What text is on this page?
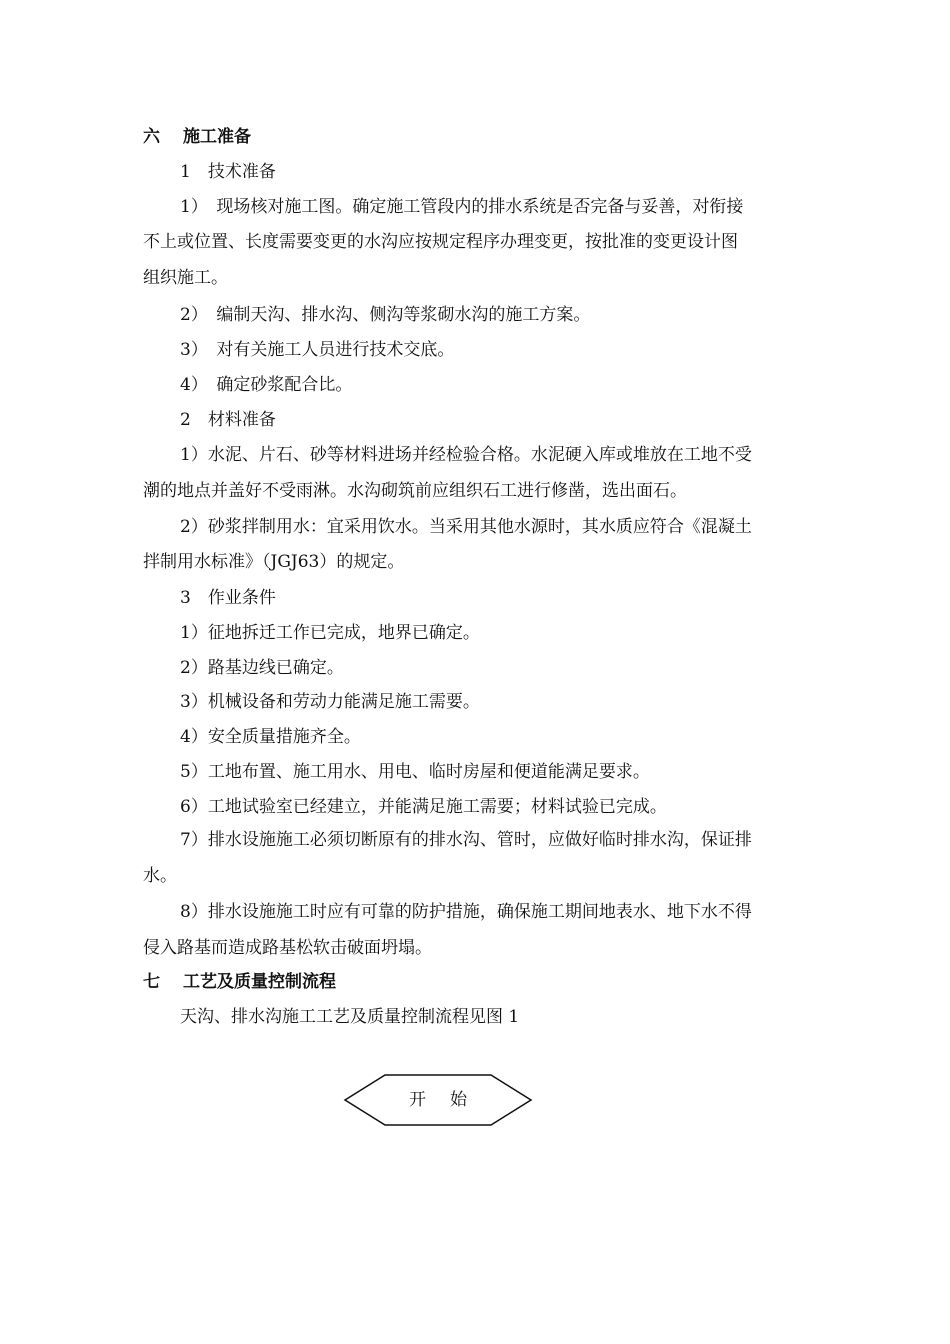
六 施工准备
1　技术准备
1）　现场核对施工图。确定施工管段内的排水系统是否完备与妥善，对衔接
不上或位置、长度需要变更的水沟应按规定程序办理变更，按批准的变更设计图
组织施工。
2）　编制天沟、排水沟、侧沟等浆砌水沟的施工方案。
3）　对有关施工人员进行技术交底。
4）　确定砂浆配合比。
2　材料准备
1）水泥、片石、砂等材料进场并经检验合格。水泥硬入库或堆放在工地不受
潮的地点并盖好不受雨淋。水沟砌筑前应组织石工进行修凿，选出面石。
2）砂浆拌制用水：宜采用饮水。当采用其他水源时，其水质应符合《混凝土
拌制用水标准》（JGJ63）的规定。
3　作业条件
1）征地拆迁工作已完成，地界已确定。
2）路基边线已确定。
3）机械设备和劳动力能满足施工需要。
4）安全质量措施齐全。
5）工地布置、施工用水、用电、临时房屋和便道能满足要求。
6）工地试验室已经建立，并能满足施工需要；材料试验已完成。
7）排水设施施工必须切断原有的排水沟、管时，应做好临时排水沟，保证排
水。
8）排水设施施工时应有可靠的防护措施，确保施工期间地表水、地下水不得
侵入路基而造成路基松软击破面坍塌。
七 工艺及质量控制流程
天沟、排水沟施工工艺及质量控制流程见图 1
开始
